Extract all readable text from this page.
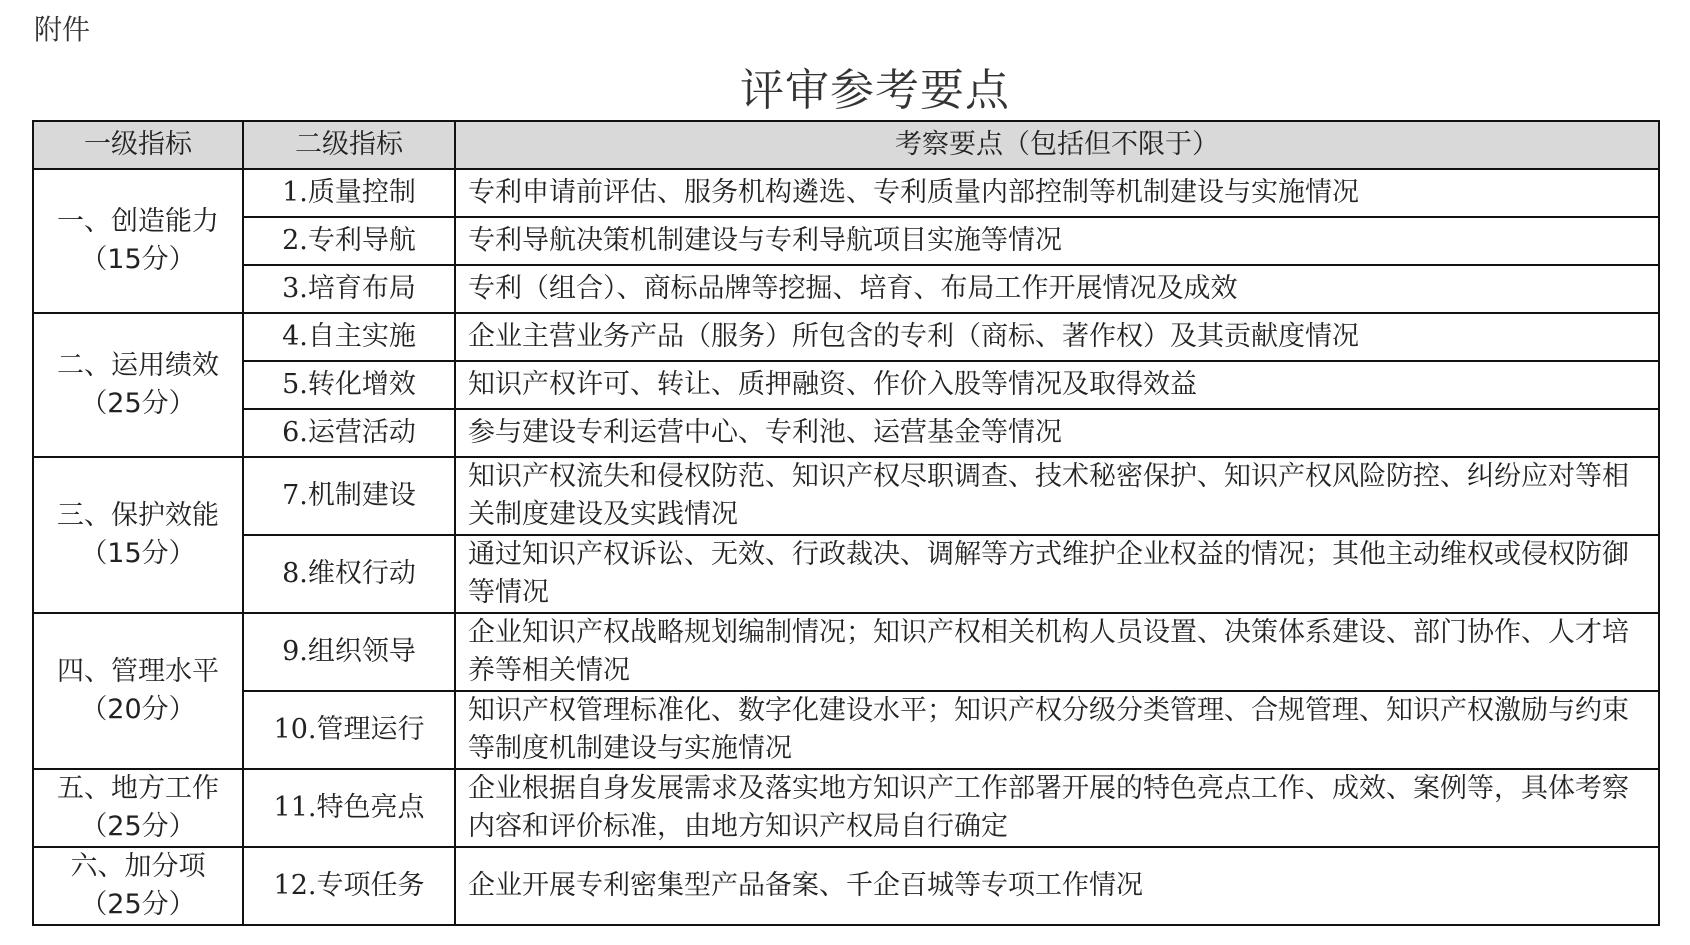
附件
评审参考要点
一级指标	二级指标	考察要点（包括但不限于）

一、创造能力
（15分）	1.质量控制	专利申请前评估、服务机构遴选、专利质量内部控制等机制建设与实施情况
	2.专利导航	专利导航决策机制建设与专利导航项目实施等情况
	3.培育布局	专利（组合）、商标品牌等挖掘、培育、布局工作开展情况及成效

二、运用绩效
（25分）	4.自主实施	企业主营业务产品（服务）所包含的专利（商标、著作权）及其贡献度情况
	5.转化增效	知识产权许可、转让、质押融资、作价入股等情况及取得效益
	6.运营活动	参与建设专利运营中心、专利池、运营基金等情况

三、保护效能
（15分）	7.机制建设	知识产权流失和侵权防范、知识产权尽职调查、技术秘密保护、知识产权风险防控、纠纷应对等相关制度建设及实践情况
	8.维权行动	通过知识产权诉讼、无效、行政裁决、调解等方式维护企业权益的情况；其他主动维权或侵权防御等情况

四、管理水平
（20分）	9.组织领导	企业知识产权战略规划编制情况；知识产权相关机构人员设置、决策体系建设、部门协作、人才培养等相关情况
	10.管理运行	知识产权管理标准化、数字化建设水平；知识产权分级分类管理、合规管理、知识产权激励与约束等制度机制建设与实施情况

五、地方工作
（25分）	11.特色亮点	企业根据自身发展需求及落实地方知识产工作部署开展的特色亮点工作、成效、案例等，具体考察内容和评价标准，由地方知识产权局自行确定

六、加分项
（25分）	12.专项任务	企业开展专利密集型产品备案、千企百城等专项工作情况
